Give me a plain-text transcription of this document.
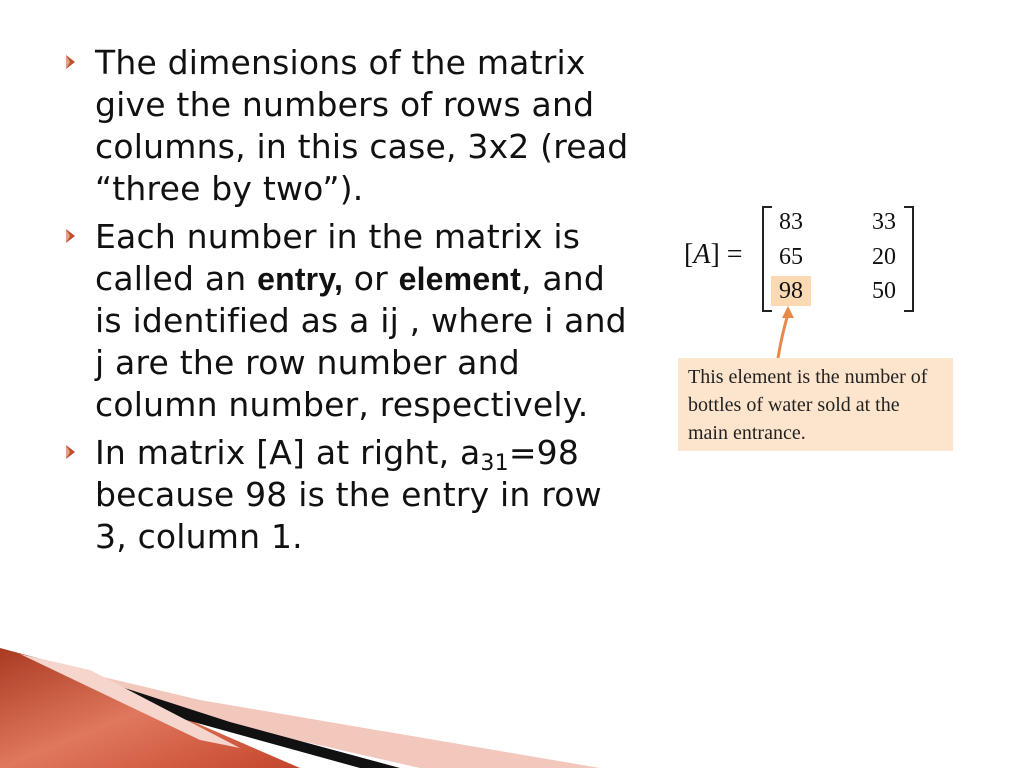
The dimensions of the matrix give the numbers of rows and columns, in this case, 3x2 (read “three by two”).
Each number in the matrix is called an entry, or element, and is identified as a ij , where i and j are the row number and column number, respectively.
In matrix [A] at right, $a_{31}=98$ because 98 is the entry in row 3, column 1.
[A] =
83	33
65	20
98	50
This element is the number of bottles of water sold at the main entrance.
